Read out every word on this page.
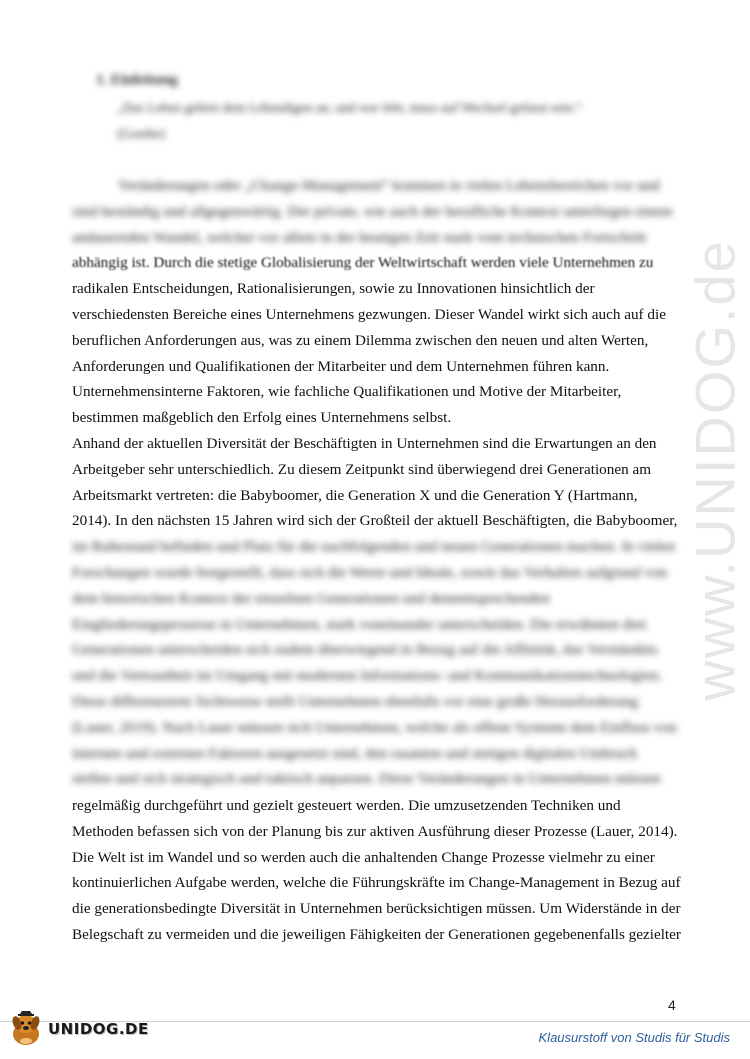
www.UNIDOG.de
1. Einleitung
„Das Leben gehört dem Lebendigen an, und wer lebt, muss auf Wechsel gefasst sein.“
(Goethe)
Veränderungen oder „Change-Management“ kommen in vielen Lebensbereichen vor und
sind beständig und allgegenwärtig. Der private, wie auch der berufliche Kontext unterliegen einem
andauernden Wandel, welcher vor allem in der heutigen Zeit stark vom technischen Fortschritt
abhängig ist. Durch die stetige Globalisierung der Weltwirtschaft werden viele Unternehmen zu
radikalen Entscheidungen, Rationalisierungen, sowie zu Innovationen hinsichtlich der
verschiedensten Bereiche eines Unternehmens gezwungen. Dieser Wandel wirkt sich auch auf die
beruflichen Anforderungen aus, was zu einem Dilemma zwischen den neuen und alten Werten,
Anforderungen und Qualifikationen der Mitarbeiter und dem Unternehmen führen kann.
Unternehmensinterne Faktoren, wie fachliche Qualifikationen und Motive der Mitarbeiter,
bestimmen maßgeblich den Erfolg eines Unternehmens selbst.
Anhand der aktuellen Diversität der Beschäftigten in Unternehmen sind die Erwartungen an den
Arbeitgeber sehr unterschiedlich. Zu diesem Zeitpunkt sind überwiegend drei Generationen am
Arbeitsmarkt vertreten: die Babyboomer, die Generation X und die Generation Y (Hartmann,
2014). In den nächsten 15 Jahren wird sich der Großteil der aktuell Beschäftigten, die Babyboomer,
im Ruhestand befinden und Platz für die nachfolgenden und neuen Generationen machen. In vielen
Forschungen wurde festgestellt, dass sich die Werte und Ideale, sowie das Verhalten aufgrund von
dem historischen Kontext der einzelnen Generationen und dementsprechenden
Eingliederungsprozesse in Unternehmen, stark voneinander unterscheiden. Die erwähnten drei
Generationen unterscheiden sich zudem überwiegend in Bezug auf die Affinität, das Verständnis
und die Vertrautheit im Umgang mit modernen Informations- und Kommunikationstechnologien.
Diese differenzierte Sichtweise stellt Unternehmen ebenfalls vor eine große Herausforderung
(Lauer, 2019). Nach Lauer müssen sich Unternehmen, welche als offene Systeme dem Einfluss von
internen und externen Faktoren ausgesetzt sind, den rasanten und stetigen digitalen Umbruch
stellen und sich strategisch und taktisch anpassen. Diese Veränderungen in Unternehmen müssen
regelmäßig durchgeführt und gezielt gesteuert werden. Die umzusetzenden Techniken und
Methoden befassen sich von der Planung bis zur aktiven Ausführung dieser Prozesse (Lauer, 2014).
Die Welt ist im Wandel und so werden auch die anhaltenden Change Prozesse vielmehr zu einer
kontinuierlichen Aufgabe werden, welche die Führungskräfte im Change-Management in Bezug auf
die generationsbedingte Diversität in Unternehmen berücksichtigen müssen. Um Widerstände in der
Belegschaft zu vermeiden und die jeweiligen Fähigkeiten der Generationen gegebenenfalls gezielter
4
UNIDOG.DE	Klausurstoff von Studis für Studis
